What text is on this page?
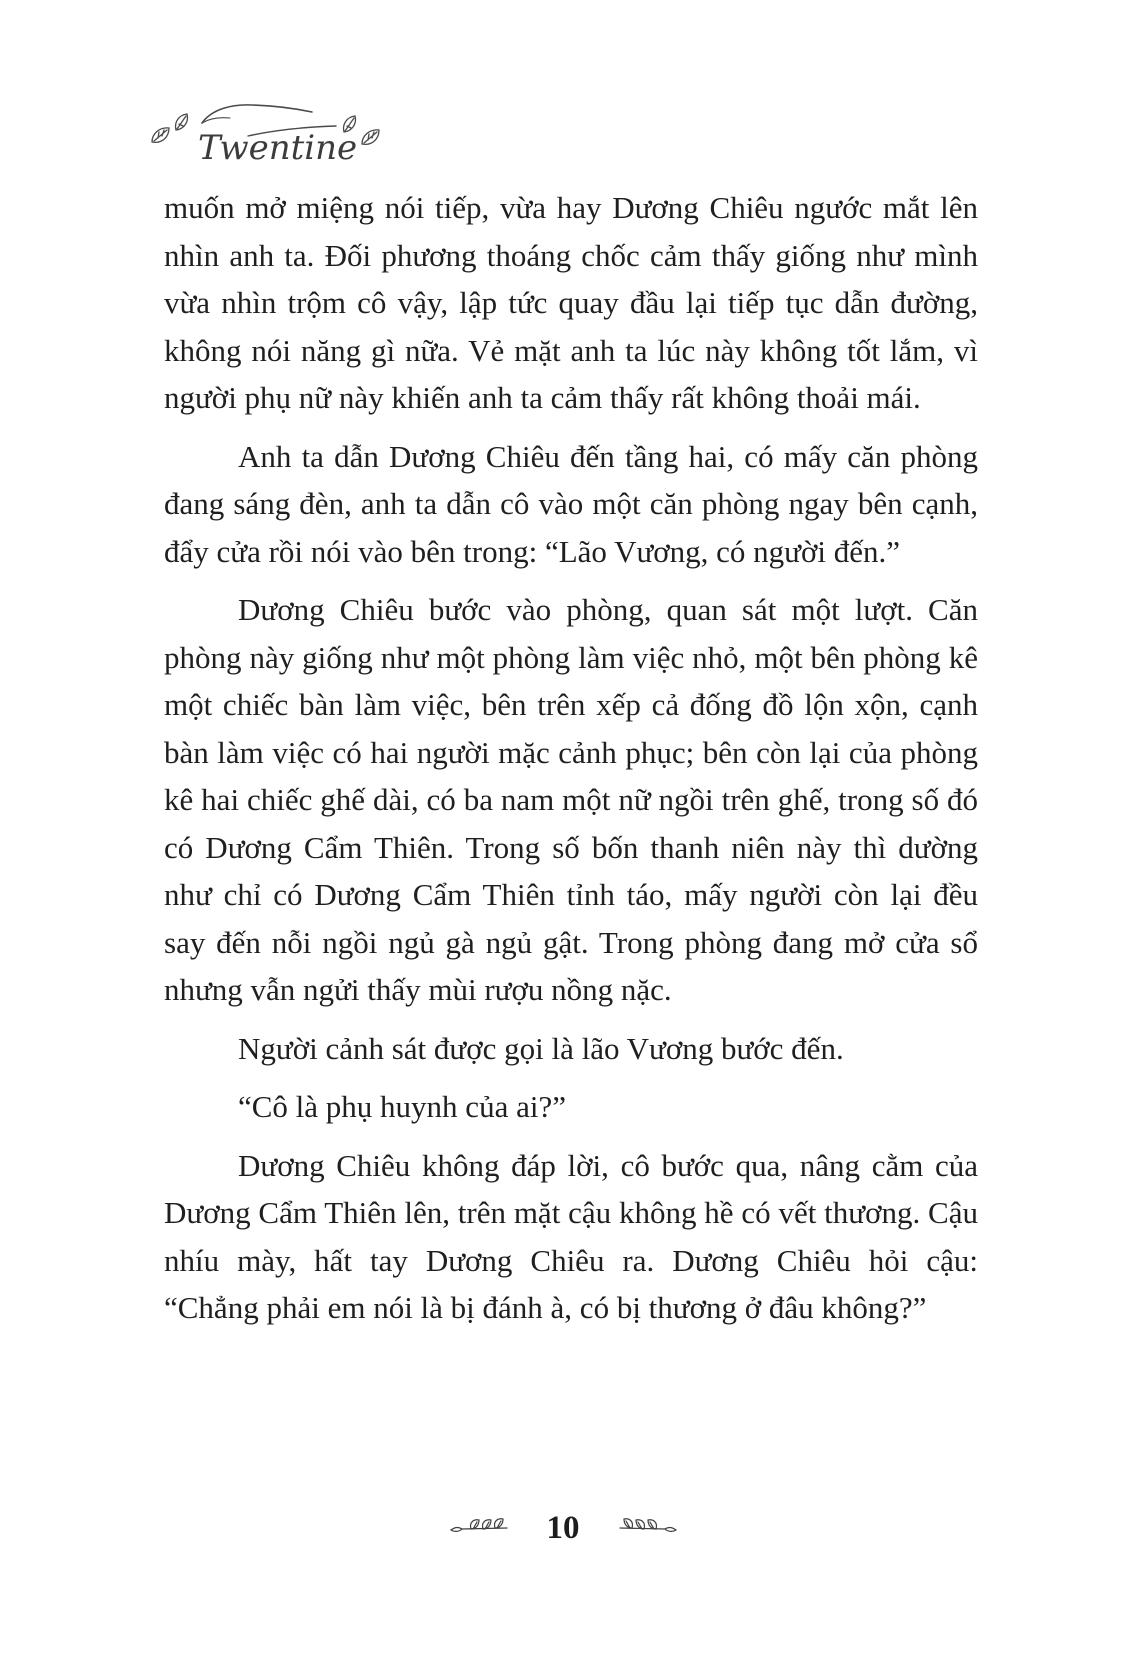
Twentine

muốn mở miệng nói tiếp, vừa hay Dương Chiêu ngước mắt lên nhìn anh ta. Đối phương thoáng chốc cảm thấy giống như mình vừa nhìn trộm cô vậy, lập tức quay đầu lại tiếp tục dẫn đường, không nói năng gì nữa. Vẻ mặt anh ta lúc này không tốt lắm, vì người phụ nữ này khiến anh ta cảm thấy rất không thoải mái.

Anh ta dẫn Dương Chiêu đến tầng hai, có mấy căn phòng đang sáng đèn, anh ta dẫn cô vào một căn phòng ngay bên cạnh, đẩy cửa rồi nói vào bên trong: “Lão Vương, có người đến.”

Dương Chiêu bước vào phòng, quan sát một lượt. Căn phòng này giống như một phòng làm việc nhỏ, một bên phòng kê một chiếc bàn làm việc, bên trên xếp cả đống đồ lộn xộn, cạnh bàn làm việc có hai người mặc cảnh phục; bên còn lại của phòng kê hai chiếc ghế dài, có ba nam một nữ ngồi trên ghế, trong số đó có Dương Cẩm Thiên. Trong số bốn thanh niên này thì dường như chỉ có Dương Cẩm Thiên tỉnh táo, mấy người còn lại đều say đến nỗi ngồi ngủ gà ngủ gật. Trong phòng đang mở cửa sổ nhưng vẫn ngửi thấy mùi rượu nồng nặc.

Người cảnh sát được gọi là lão Vương bước đến.

“Cô là phụ huynh của ai?”

Dương Chiêu không đáp lời, cô bước qua, nâng cằm của Dương Cẩm Thiên lên, trên mặt cậu không hề có vết thương. Cậu nhíu mày, hất tay Dương Chiêu ra. Dương Chiêu hỏi cậu: “Chẳng phải em nói là bị đánh à, có bị thương ở đâu không?”

10
